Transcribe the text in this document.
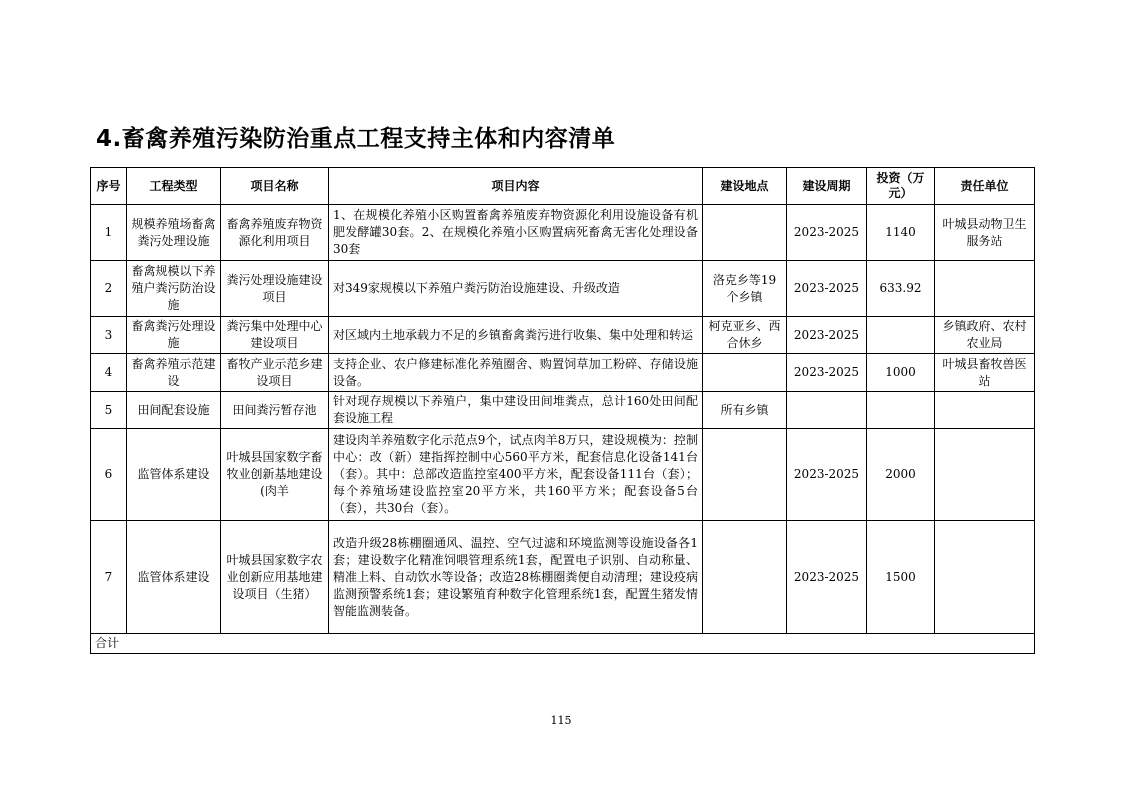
4.畜禽养殖污染防治重点工程支持主体和内容清单
序号	工程类型	项目名称	项目内容	建设地点	建设周期	投资（万元）	责任单位
1	规模养殖场畜禽粪污处理设施	畜禽养殖废弃物资源化利用项目	1、在规模化养殖小区购置畜禽养殖废弃物资源化利用设施设备有机肥发酵罐30套。2、在规模化养殖小区购置病死畜禽无害化处理设备30套		2023-2025	1140	叶城县动物卫生服务站
2	畜禽规模以下养殖户粪污防治设施	粪污处理设施建设项目	对349家规模以下养殖户粪污防治设施建设、升级改造	洛克乡等19个乡镇	2023-2025	633.92	
3	畜禽粪污处理设施	粪污集中处理中心建设项目	对区域内土地承载力不足的乡镇畜禽粪污进行收集、集中处理和转运	柯克亚乡、西合休乡	2023-2025		乡镇政府、农村农业局
4	畜禽养殖示范建设	畜牧产业示范乡建设项目	支持企业、农户修建标准化养殖圈舍、购置饲草加工粉碎、存储设施设备。		2023-2025	1000	叶城县畜牧兽医站
5	田间配套设施	田间粪污暂存池	针对现存规模以下养殖户，集中建设田间堆粪点，总计160处田间配套设施工程	所有乡镇			
6	监管体系建设	叶城县国家数字畜牧业创新基地建设(肉羊	建设肉羊养殖数字化示范点9个，试点肉羊8万只，建设规模为：控制中心：改（新）建指挥控制中心560平方米，配套信息化设备141台（套）。其中：总部改造监控室400平方米，配套设备111台（套）；每个养殖场建设监控室20平方米，共160平方米；配套设备5台（套），共30台（套）。		2023-2025	2000	
7	监管体系建设	叶城县国家数字农业创新应用基地建设项目（生猪）	改造升级28栋棚圈通风、温控、空气过滤和环境监测等设施设备各1套；建设数字化精准饲喂管理系统1套，配置电子识别、自动称量、精准上料、自动饮水等设备；改造28栋棚圈粪便自动清理；建设疫病监测预警系统1套；建设繁殖育种数字化管理系统1套，配置生猪发情智能监测装备。		2023-2025	1500	
合计							
115
